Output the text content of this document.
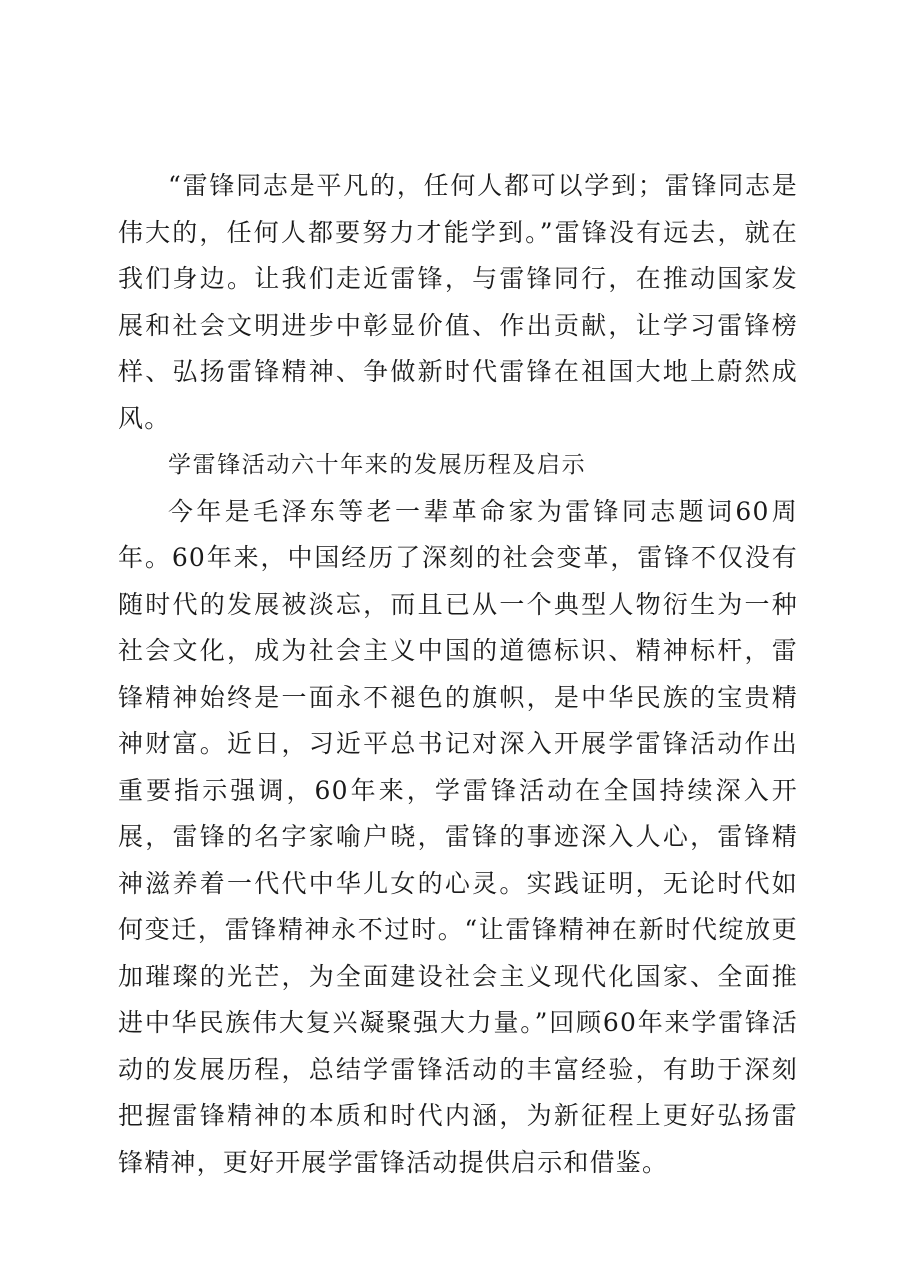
“雷锋同志是平凡的，任何人都可以学到；雷锋同志是伟大的，任何人都要努力才能学到。”雷锋没有远去，就在我们身边。让我们走近雷锋，与雷锋同行，在推动国家发展和社会文明进步中彰显价值、作出贡献，让学习雷锋榜样、弘扬雷锋精神、争做新时代雷锋在祖国大地上蔚然成风。

学雷锋活动六十年来的发展历程及启示

今年是毛泽东等老一辈革命家为雷锋同志题词60周年。60年来，中国经历了深刻的社会变革，雷锋不仅没有随时代的发展被淡忘，而且已从一个典型人物衍生为一种社会文化，成为社会主义中国的道德标识、精神标杆，雷锋精神始终是一面永不褪色的旗帜，是中华民族的宝贵精神财富。近日，习近平总书记对深入开展学雷锋活动作出重要指示强调，60年来，学雷锋活动在全国持续深入开展，雷锋的名字家喻户晓，雷锋的事迹深入人心，雷锋精神滋养着一代代中华儿女的心灵。实践证明，无论时代如何变迁，雷锋精神永不过时。“让雷锋精神在新时代绽放更加璀璨的光芒，为全面建设社会主义现代化国家、全面推进中华民族伟大复兴凝聚强大力量。”回顾60年来学雷锋活动的发展历程，总结学雷锋活动的丰富经验，有助于深刻把握雷锋精神的本质和时代内涵，为新征程上更好弘扬雷锋精神，更好开展学雷锋活动提供启示和借鉴。
